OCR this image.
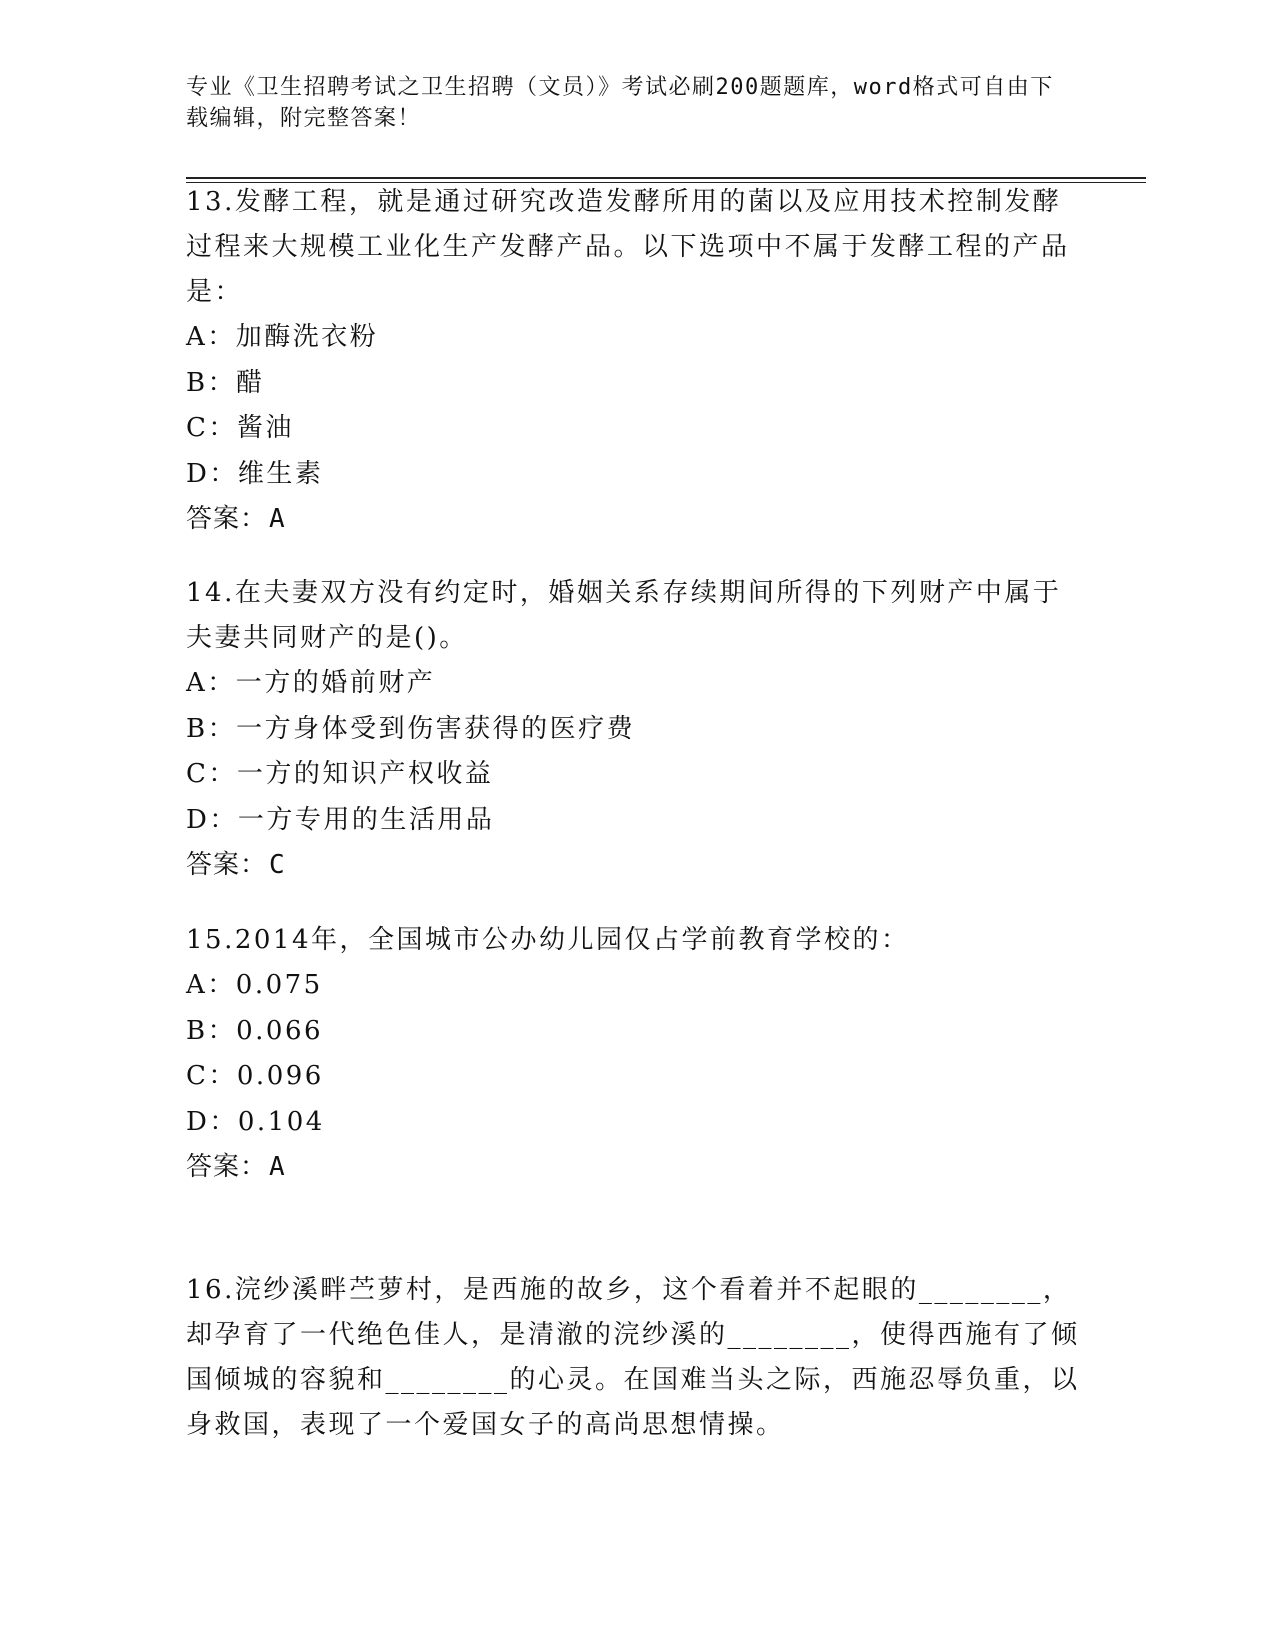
专业《卫生招聘考试之卫生招聘（文员）》考试必刷200题题库，word格式可自由下载编辑，附完整答案！

13.发酵工程，就是通过研究改造发酵所用的菌以及应用技术控制发酵过程来大规模工业化生产发酵产品。以下选项中不属于发酵工程的产品是：

A：加酶洗衣粉

B：醋

C：酱油

D：维生素

答案：A

14.在夫妻双方没有约定时，婚姻关系存续期间所得的下列财产中属于夫妻共同财产的是()。

A：一方的婚前财产

B：一方身体受到伤害获得的医疗费

C：一方的知识产权收益

D：一方专用的生活用品

答案：C

15.2014年，全国城市公办幼儿园仅占学前教育学校的：

A：0.075

B：0.066

C：0.096

D：0.104

答案：A

16.浣纱溪畔苎萝村，是西施的故乡，这个看着并不起眼的________，却孕育了一代绝色佳人，是清澈的浣纱溪的________，使得西施有了倾国倾城的容貌和________的心灵。在国难当头之际，西施忍辱负重，以身救国，表现了一个爱国女子的高尚思想情操。
